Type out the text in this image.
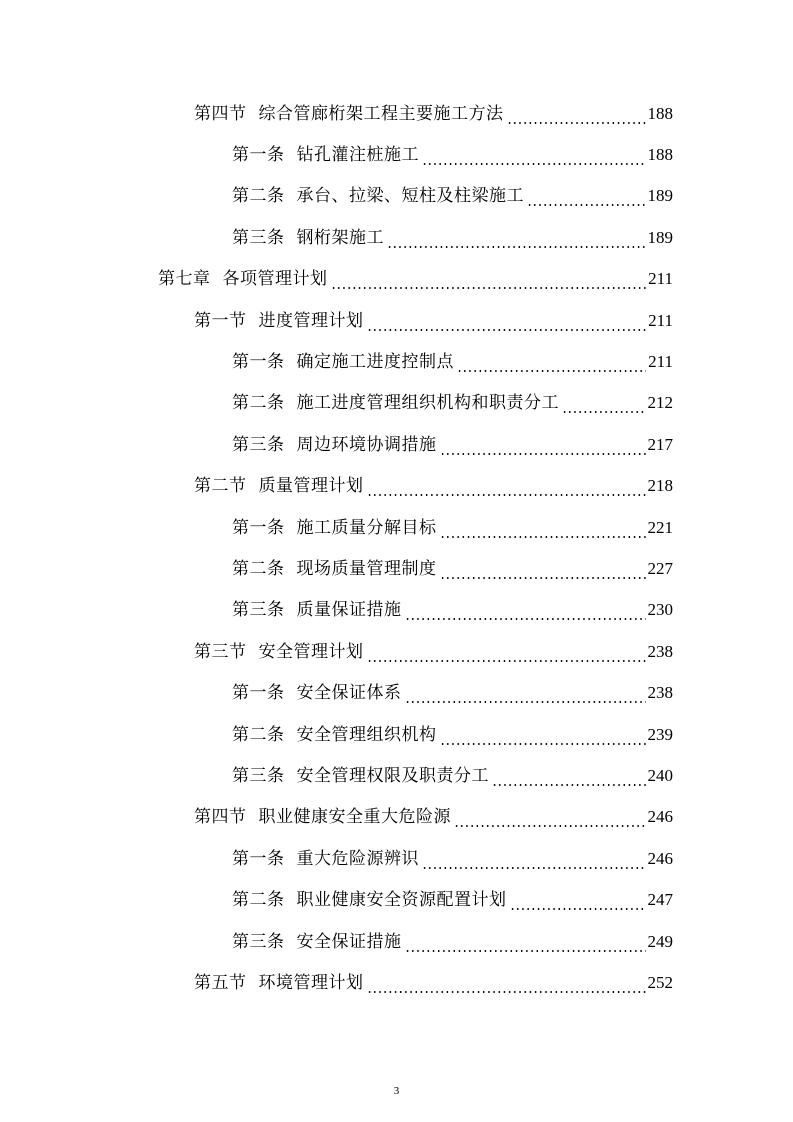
第四节 综合管廊桁架工程主要施工方法	188
第一条 钻孔灌注桩施工	188
第二条 承台、拉梁、短柱及柱梁施工	189
第三条 钢桁架施工	189
第七章 各项管理计划	211
第一节 进度管理计划	211
第一条 确定施工进度控制点	211
第二条 施工进度管理组织机构和职责分工	212
第三条 周边环境协调措施	217
第二节 质量管理计划	218
第一条 施工质量分解目标	221
第二条 现场质量管理制度	227
第三条 质量保证措施	230
第三节 安全管理计划	238
第一条 安全保证体系	238
第二条 安全管理组织机构	239
第三条 安全管理权限及职责分工	240
第四节 职业健康安全重大危险源	246
第一条 重大危险源辨识	246
第二条 职业健康安全资源配置计划	247
第三条 安全保证措施	249
第五节 环境管理计划	252
3
